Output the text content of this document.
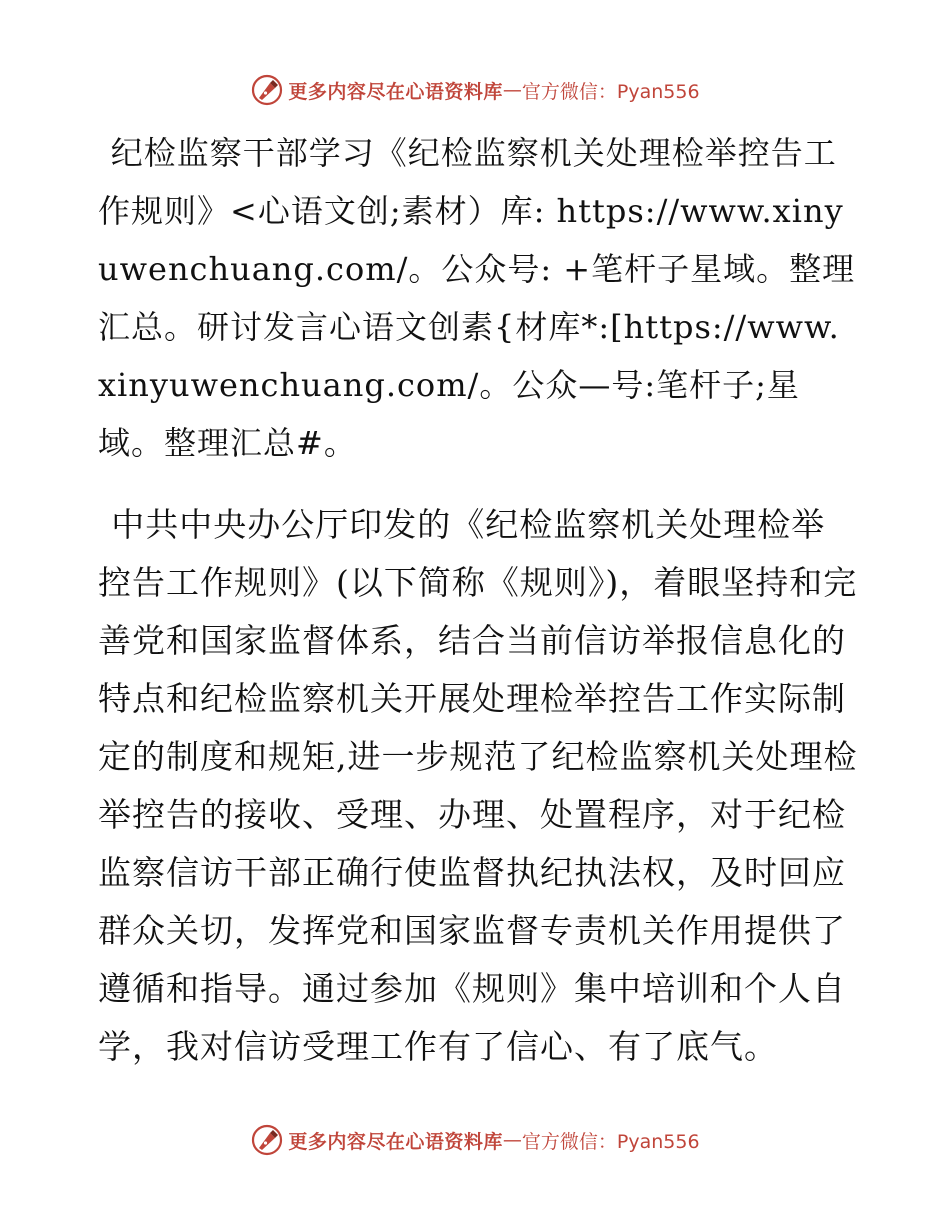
更多内容尽在心语资料库 — 官方微信：Pyan556

纪检监察干部学习《纪检监察机关处理检举控告工作规则》<心语文创;素材）库: https://www.xinyuwenchuang.com/。公众号: +笔杆子星域。整理汇总。研讨发言心语文创素{材库*:[https://www.xinyuwenchuang.com/。公众—号:笔杆子;星域。整理汇总#。

中共中央办公厅印发的《纪检监察机关处理检举控告工作规则》(以下简称《规则》)，着眼坚持和完善党和国家监督体系，结合当前信访举报信息化的特点和纪检监察机关开展处理检举控告工作实际制定的制度和规矩,进一步规范了纪检监察机关处理检举控告的接收、受理、办理、处置程序，对于纪检监察信访干部正确行使监督执纪执法权，及时回应群众关切，发挥党和国家监督专责机关作用提供了遵循和指导。通过参加《规则》集中培训和个人自学，我对信访受理工作有了信心、有了底气。

更多内容尽在心语资料库 — 官方微信：Pyan556
